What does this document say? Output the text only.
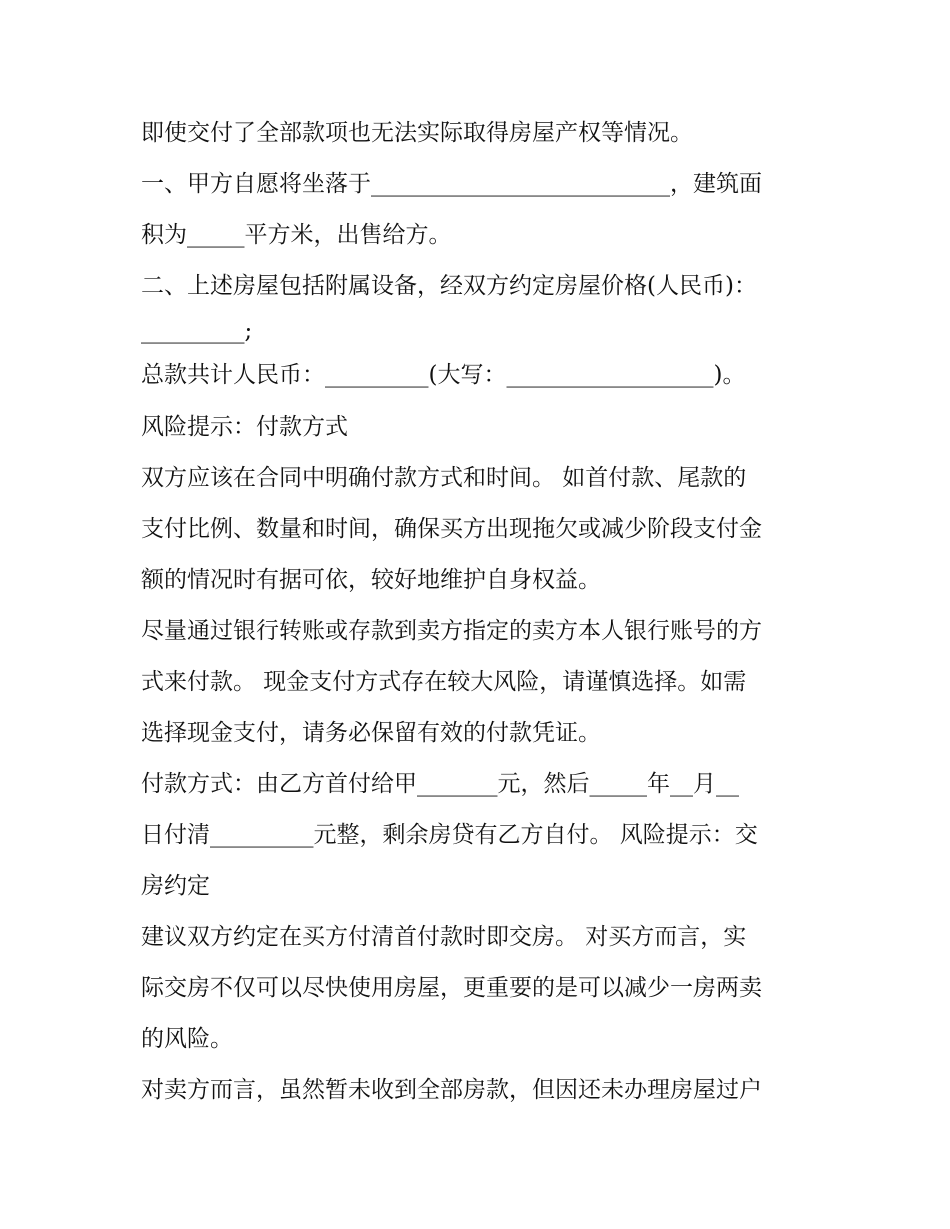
即使交付了全部款项也无法实际取得房屋产权等情况。
一、甲方自愿将坐落于__________________________，建筑面
积为_____平方米，出售给方。
二、上述房屋包括附属设备，经双方约定房屋价格(人民币)：
_________;
总款共计人民币：_________(大写：__________________)。
风险提示：付款方式
双方应该在合同中明确付款方式和时间。 如首付款、尾款的
支付比例、数量和时间，确保买方出现拖欠或减少阶段支付金
额的情况时有据可依，较好地维护自身权益。
尽量通过银行转账或存款到卖方指定的卖方本人银行账号的方
式来付款。 现金支付方式存在较大风险，请谨慎选择。如需
选择现金支付，请务必保留有效的付款凭证。
付款方式：由乙方首付给甲_______元，然后_____年__月__
日付清_________元整，剩余房贷有乙方自付。 风险提示：交
房约定
建议双方约定在买方付清首付款时即交房。 对买方而言，实
际交房不仅可以尽快使用房屋，更重要的是可以减少一房两卖
的风险。
对卖方而言，虽然暂未收到全部房款，但因还未办理房屋过户
